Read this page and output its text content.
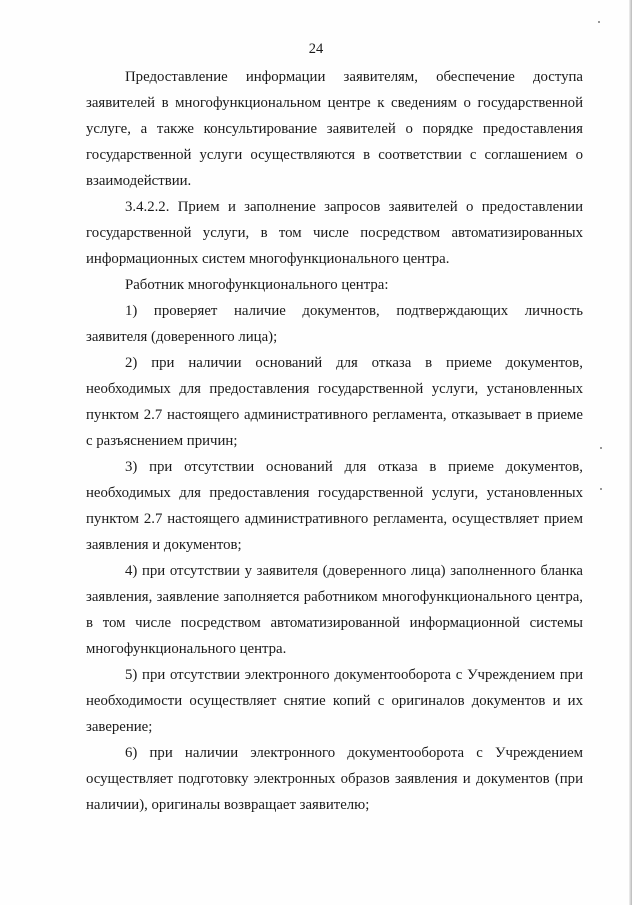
24

Предоставление информации заявителям, обеспечение доступа заявителей в многофункциональном центре к сведениям о государственной услуге, а также консультирование заявителей о порядке предоставления государственной услуги осуществляются в соответствии с соглашением о взаимодействии.

3.4.2.2. Прием и заполнение запросов заявителей о предоставлении государственной услуги, в том числе посредством автоматизированных информационных систем многофункционального центра.

Работник многофункционального центра:

1) проверяет наличие документов, подтверждающих личность заявителя (доверенного лица);

2) при наличии оснований для отказа в приеме документов, необходимых для предоставления государственной услуги, установленных пунктом 2.7 настоящего административного регламента, отказывает в приеме с разъяснением причин;

3) при отсутствии оснований для отказа в приеме документов, необходимых для предоставления государственной услуги, установленных пунктом 2.7 настоящего административного регламента, осуществляет прием заявления и документов;

4) при отсутствии у заявителя (доверенного лица) заполненного бланка заявления, заявление заполняется работником многофункционального центра, в том числе посредством автоматизированной информационной системы многофункционального центра.

5) при отсутствии электронного документооборота с Учреждением при необходимости осуществляет снятие копий с оригиналов документов и их заверение;

6) при наличии электронного документооборота с Учреждением осуществляет подготовку электронных образов заявления и документов (при наличии), оригиналы возвращает заявителю;
